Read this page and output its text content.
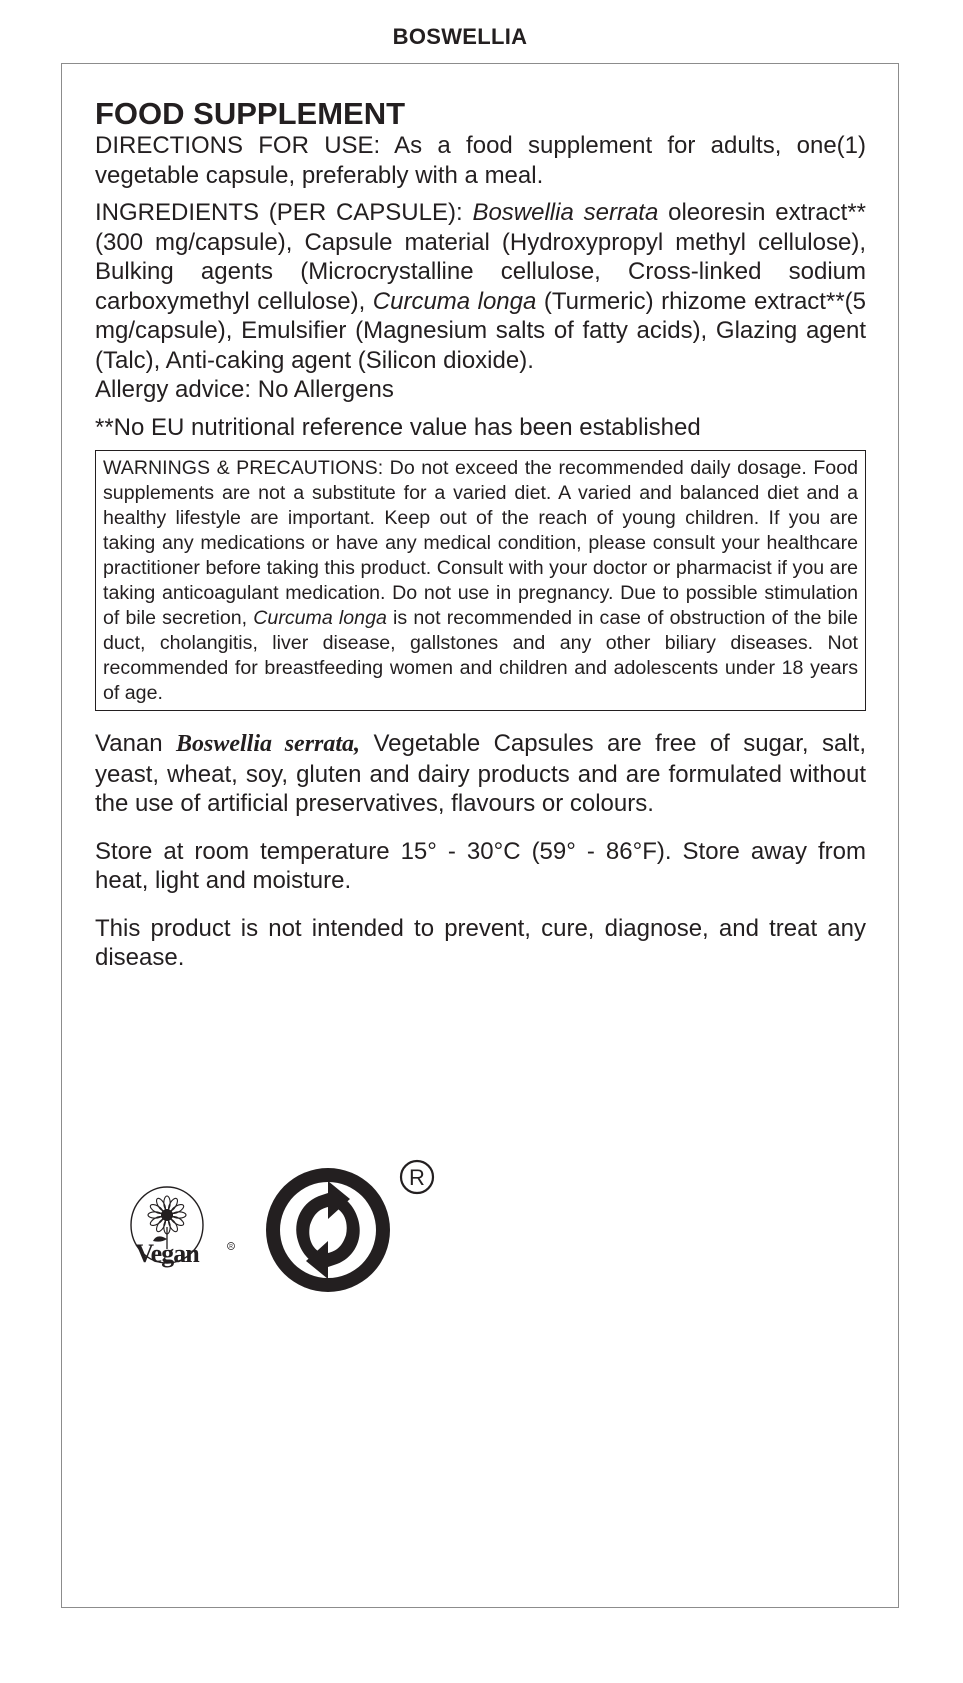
BOSWELLIA
FOOD SUPPLEMENT

DIRECTIONS FOR USE: As a food supplement for adults, one(1) vegetable capsule, preferably with a meal.

INGREDIENTS (PER CAPSULE): Boswellia serrata oleoresin extract**(300 mg/capsule), Capsule material (Hydroxypropyl methyl cellulose), Bulking agents (Microcrystalline cellulose, Cross-linked sodium carboxymethyl cellulose), Curcuma longa (Turmeric) rhizome extract**(5 mg/capsule), Emulsifier (Magnesium salts of fatty acids), Glazing agent (Talc), Anti-caking agent (Silicon dioxide).

Allergy advice: No Allergens

**No EU nutritional reference value has been established

WARNINGS & PRECAUTIONS: Do not exceed the recommended daily dosage. Food supplements are not a substitute for a varied diet. A varied and balanced diet and a healthy lifestyle are important. Keep out of the reach of young children. If you are taking any medications or have any medical condition, please consult your healthcare practitioner before taking this product. Consult with your doctor or pharmacist if you are taking anticoagulant medication. Do not use in pregnancy. Due to possible stimulation of bile secretion, Curcuma longa is not recommended in case of obstruction of the bile duct, cholangitis, liver disease, gallstones and any other biliary diseases. Not recommended for breastfeeding women and children and adolescents under 18 years of age.

Vanan Boswellia serrata, Vegetable Capsules are free of sugar, salt, yeast, wheat, soy, gluten and dairy products and are formulated without the use of artificial preservatives, flavours or colours.

Store at room temperature 15° - 30°C (59° - 86°F). Store away from heat, light and moisture.

This product is not intended to prevent, cure, diagnose, and treat any disease.

Vegan	R
R
